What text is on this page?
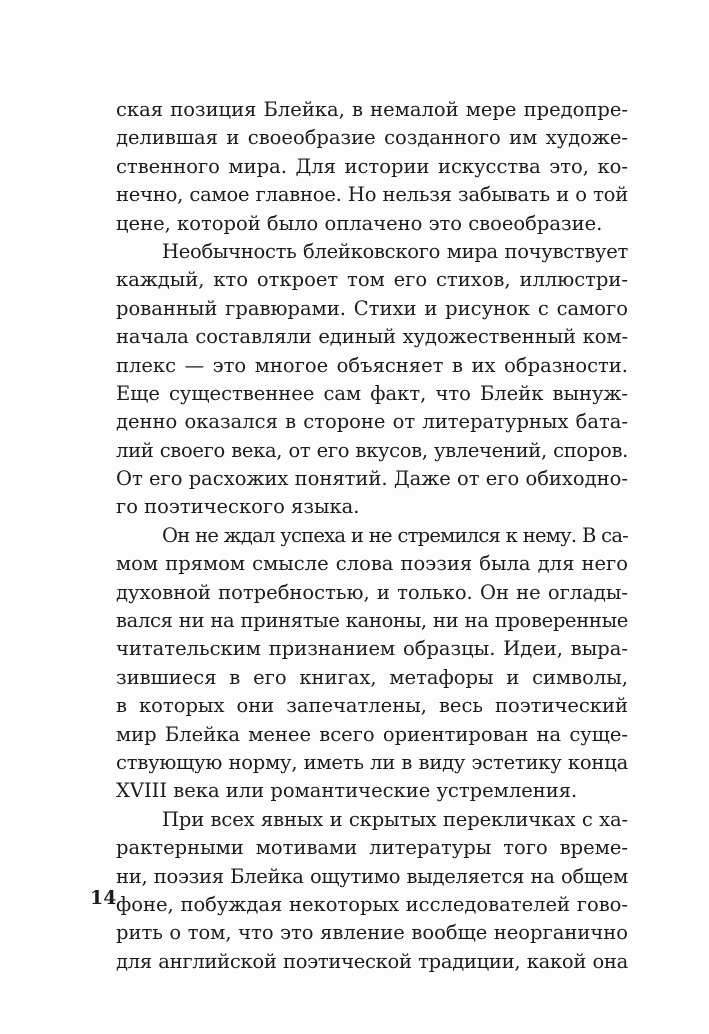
ская позиция Блейка, в немалой мере предопре-
делившая и своеобразие созданного им художе-
ственного мира. Для истории искусства это, ко-
нечно, самое главное. Но нельзя забывать и о той
цене, которой было оплачено это своеобразие.
Необычность блейковского мира почувствует
каждый, кто откроет том его стихов, иллюстри-
рованный гравюрами. Стихи и рисунок с самого
начала составляли единый художественный ком-
плекс — это многое объясняет в их образности.
Еще существеннее сам факт, что Блейк вынуж-
денно оказался в стороне от литературных бата-
лий своего века, от его вкусов, увлечений, споров.
От его расхожих понятий. Даже от его обиходно-
го поэтического языка.
Он не ждал успеха и не стремился к нему. В са-
мом прямом смысле слова поэзия была для него
духовной потребностью, и только. Он не оглады-
вался ни на принятые каноны, ни на проверенные
читательским признанием образцы. Идеи, выра-
зившиеся в его книгах, метафоры и символы,
в которых они запечатлены, весь поэтический
мир Блейка менее всего ориентирован на суще-
ствующую норму, иметь ли в виду эстетику конца
XVIII века или романтические устремления.
При всех явных и скрытых перекличках с ха-
рактерными мотивами литературы того време-
ни, поэзия Блейка ощутимо выделяется на общем
фоне, побуждая некоторых исследователей гово-
рить о том, что это явление вообще неорганично
для английской поэтической традиции, какой она
14
